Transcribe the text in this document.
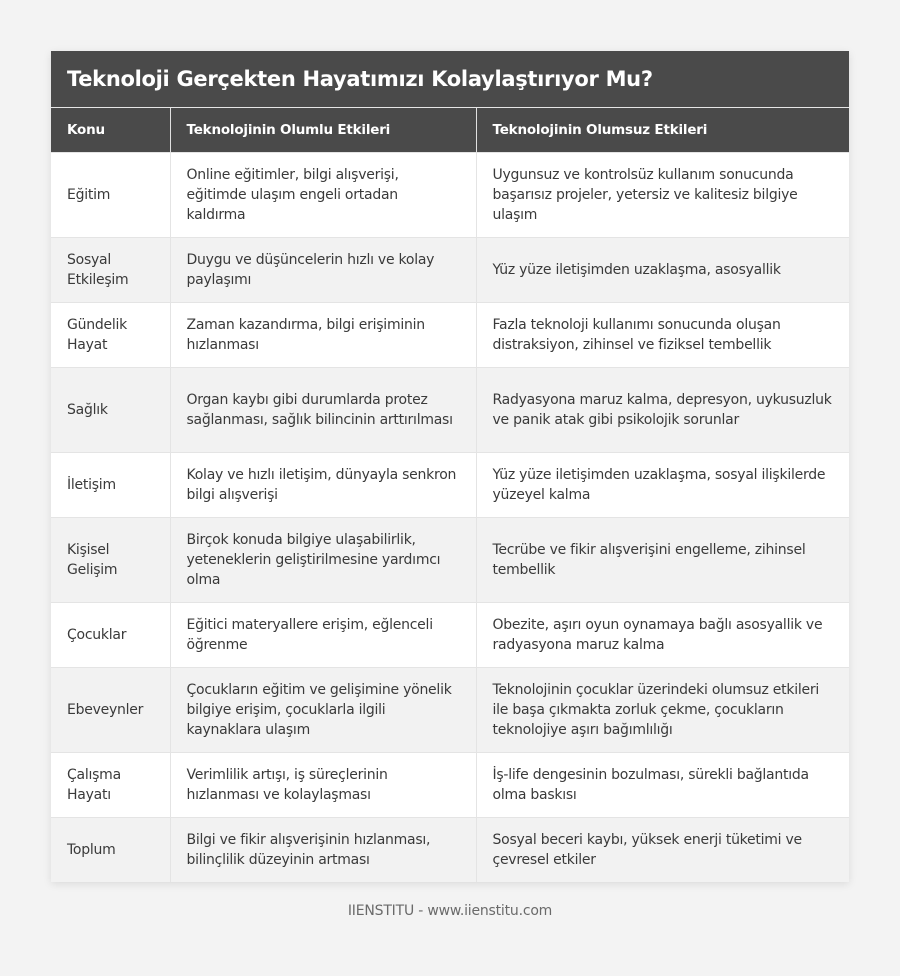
Teknoloji Gerçekten Hayatımızı Kolaylaştırıyor Mu?
Konu	Teknolojinin Olumlu Etkileri	Teknolojinin Olumsuz Etkileri
Eğitim	Online eğitimler, bilgi alışverişi, eğitimde ulaşım engeli ortadan kaldırma	Uygunsuz ve kontrolsüz kullanım sonucunda başarısız projeler, yetersiz ve kalitesiz bilgiye ulaşım
Sosyal Etkileşim	Duygu ve düşüncelerin hızlı ve kolay paylaşımı	Yüz yüze iletişimden uzaklaşma, asosyallik
Gündelik Hayat	Zaman kazandırma, bilgi erişiminin hızlanması	Fazla teknoloji kullanımı sonucunda oluşan distraksiyon, zihinsel ve fiziksel tembellik
Sağlık	Organ kaybı gibi durumlarda protez sağlanması, sağlık bilincinin arttırılması	Radyasyona maruz kalma, depresyon, uykusuzluk ve panik atak gibi psikolojik sorunlar
İletişim	Kolay ve hızlı iletişim, dünyayla senkron bilgi alışverişi	Yüz yüze iletişimden uzaklaşma, sosyal ilişkilerde yüzeyel kalma
Kişisel Gelişim	Birçok konuda bilgiye ulaşabilirlik, yeteneklerin geliştirilmesine yardımcı olma	Tecrübe ve fikir alışverişini engelleme, zihinsel tembellik
Çocuklar	Eğitici materyallere erişim, eğlenceli öğrenme	Obezite, aşırı oyun oynamaya bağlı asosyallik ve radyasyona maruz kalma
Ebeveynler	Çocukların eğitim ve gelişimine yönelik bilgiye erişim, çocuklarla ilgili kaynaklara ulaşım	Teknolojinin çocuklar üzerindeki olumsuz etkileri ile başa çıkmakta zorluk çekme, çocukların teknolojiye aşırı bağımlılığı
Çalışma Hayatı	Verimlilik artışı, iş süreçlerinin hızlanması ve kolaylaşması	İş-life dengesinin bozulması, sürekli bağlantıda olma baskısı
Toplum	Bilgi ve fikir alışverişinin hızlanması, bilinçlilik düzeyinin artması	Sosyal beceri kaybı, yüksek enerji tüketimi ve çevresel etkiler
IIENSTITU - www.iienstitu.com
